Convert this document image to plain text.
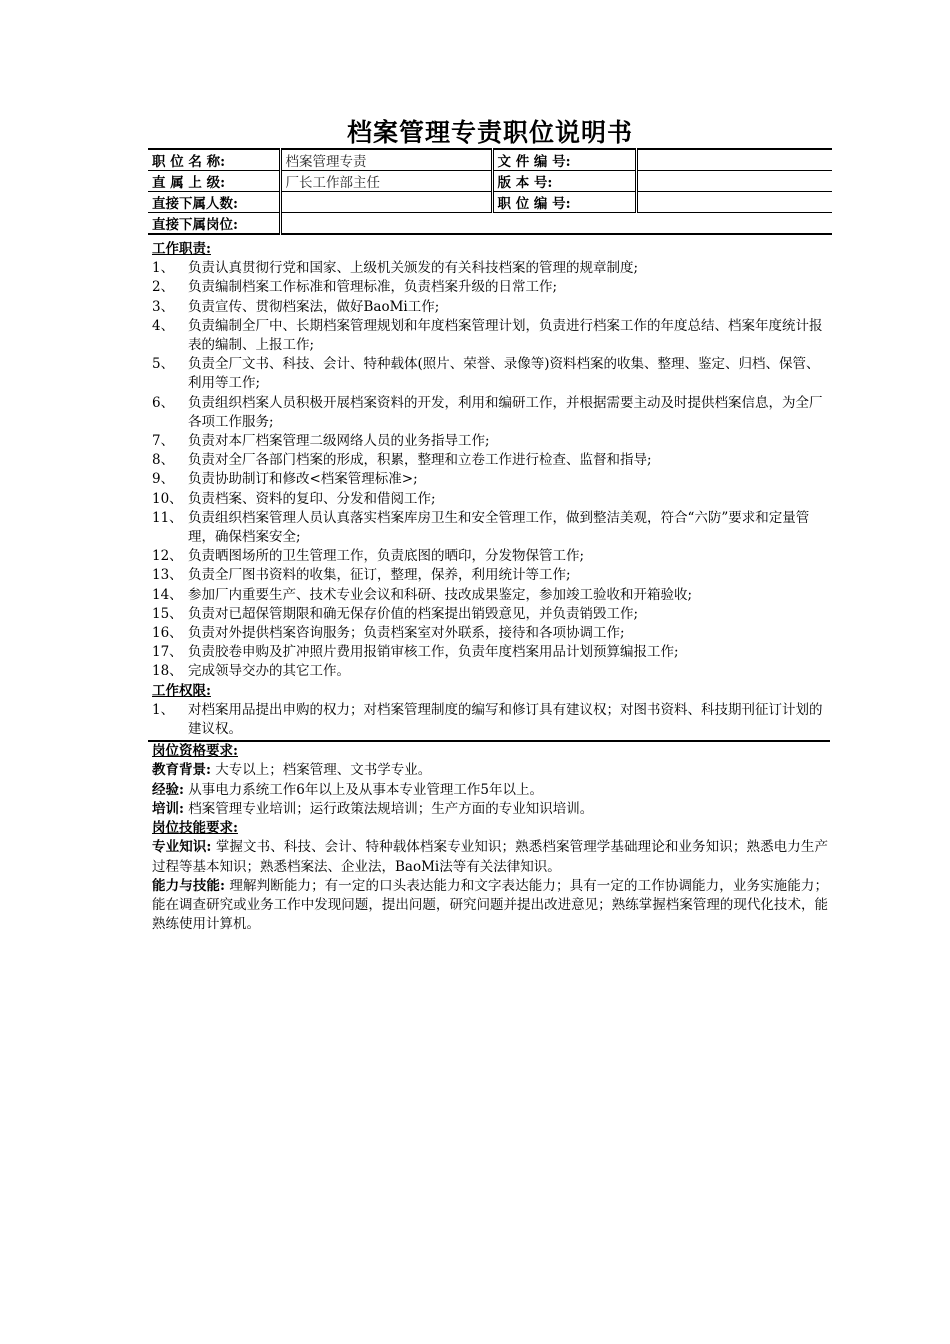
档案管理专责职位说明书
职 位 名 称:	档案管理专责	文 件 编 号:	
直 属 上 级:	厂长工作部主任	版 本 号:	
直接下属人数:		职 位 编 号:	
直接下属岗位:			
工作职责:
1、 负责认真贯彻行党和国家、上级机关颁发的有关科技档案的管理的规章制度;
2、 负责编制档案工作标准和管理标准，负责档案升级的日常工作;
3、 负责宣传、贯彻档案法，做好BaoMi工作;
4、 负责编制全厂中、长期档案管理规划和年度档案管理计划，负责进行档案工作的年度总结、档案年度统计报表的编制、上报工作;
5、 负责全厂文书、科技、会计、特种载体(照片、荣誉、录像等)资料档案的收集、整理、鉴定、归档、保管、利用等工作;
6、 负责组织档案人员积极开展档案资料的开发，利用和编研工作，并根据需要主动及时提供档案信息，为全厂各项工作服务;
7、 负责对本厂档案管理二级网络人员的业务指导工作;
8、 负责对全厂各部门档案的形成，积累，整理和立卷工作进行检查、监督和指导;
9、 负责协助制订和修改<档案管理标准>;
10、 负责档案、资料的复印、分发和借阅工作;
11、 负责组织档案管理人员认真落实档案库房卫生和安全管理工作，做到整洁美观，符合“六防”要求和定量管理，确保档案安全;
12、 负责晒图场所的卫生管理工作，负责底图的晒印，分发物保管工作;
13、 负责全厂图书资料的收集，征订，整理，保养，利用统计等工作;
14、 参加厂内重要生产、技术专业会议和科研、技改成果鉴定，参加竣工验收和开箱验收;
15、 负责对已超保管期限和确无保存价值的档案提出销毁意见，并负责销毁工作;
16、 负责对外提供档案咨询服务；负责档案室对外联系，接待和各项协调工作;
17、 负责胶卷申购及扩冲照片费用报销审核工作，负责年度档案用品计划预算编报工作;
18、 完成领导交办的其它工作。
工作权限:
1、 对档案用品提出申购的权力；对档案管理制度的编写和修订具有建议权；对图书资料、科技期刊征订计划的建议权。
岗位资格要求:
教育背景: 大专以上；档案管理、文书学专业。
经验: 从事电力系统工作6年以上及从事本专业管理工作5年以上。
培训: 档案管理专业培训；运行政策法规培训；生产方面的专业知识培训。
岗位技能要求:
专业知识: 掌握文书、科技、会计、特种载体档案专业知识；熟悉档案管理学基础理论和业务知识；熟悉电力生产过程等基本知识；熟悉档案法、企业法，BaoMi法等有关法律知识。
能力与技能: 理解判断能力；有一定的口头表达能力和文字表达能力；具有一定的工作协调能力，业务实施能力；能在调查研究或业务工作中发现问题，提出问题，研究问题并提出改进意见；熟练掌握档案管理的现代化技术，能熟练使用计算机。
